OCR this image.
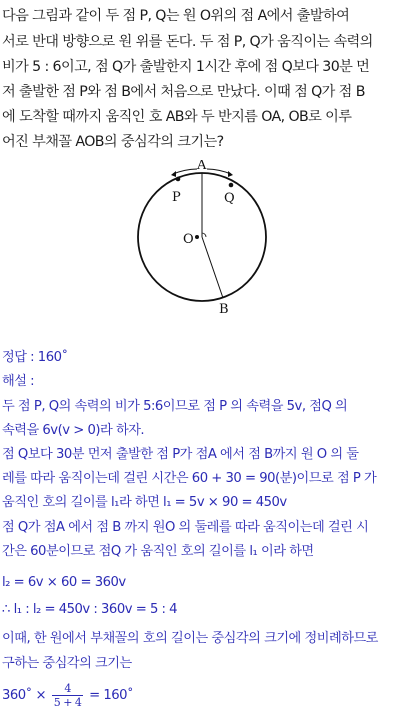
다음 그림과 같이 두 점 P, Q는 원 O위의 점 A에서 출발하여
서로 반대 방향으로 원 위를 돈다. 두 점 P, Q가 움직이는 속력의
비가 5 : 6이고, 점 Q가 출발한지 1시간 후에 점 Q보다 30분 먼
저 출발한 점 P와 점 B에서 처음으로 만났다. 이때 점 Q가 점 B
에 도착할 때까지 움직인 호 AB와 두 반지름 OA, OB로 이루
어진 부채꼴 AOB의 중심각의 크기는?
A
P	Q
O
B
정답 : 160˚
해설 :
두 점 P, Q의 속력의 비가 5:6이므로 점 P 의 속력을 5v, 점Q 의
속력을 6v(v > 0)라 하자.
점 Q보다 30분 먼저 출발한 점 P가 점A 에서 점 B까지 원 O 의 둘
레를 따라 움직이는데 걸린 시간은 60 + 30 = 90(분)이므로 점 P 가
움직인 호의 길이를 l₁라 하면 l₁ = 5v × 90 = 450v
점 Q가 점A 에서 점 B 까지 원O 의 둘레를 따라 움직이는데 걸린 시
간은 60분이므로 점Q 가 움직인 호의 길이를 l₁ 이라 하면
l₂ = 6v × 60 = 360v
∴ l₁ : l₂ = 450v : 360v = 5 : 4
이때, 한 원에서 부채꼴의 호의 길이는 중심각의 크기에 정비례하므로
구하는 중심각의 크기는
360˚ × $\frac{4}{5 + 4}$ = 160˚
